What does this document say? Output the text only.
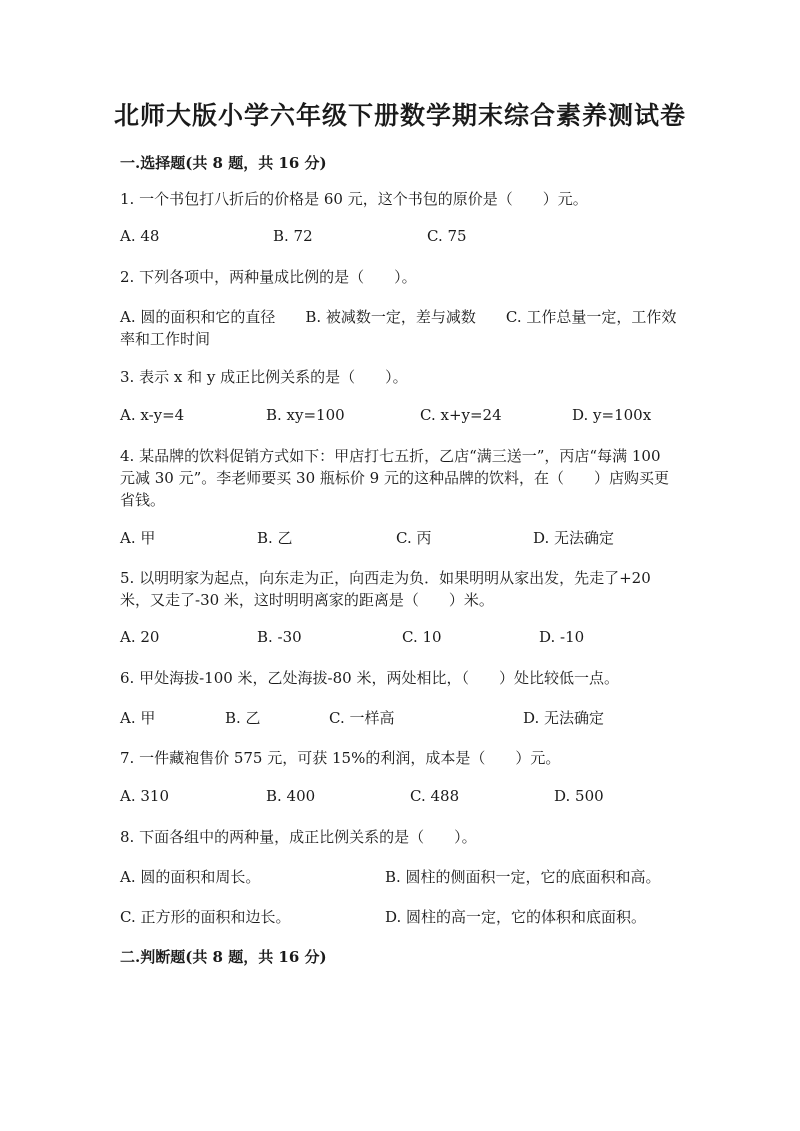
北师大版小学六年级下册数学期末综合素养测试卷
一.选择题(共 8 题，共 16 分)
1. 一个书包打八折后的价格是 60 元，这个书包的原价是（　　）元。
A. 48	B. 72	C. 75
2. 下列各项中，两种量成比例的是（　　）。
A. 圆的面积和它的直径　　B. 被减数一定，差与减数　　C. 工作总量一定，工作效率和工作时间
3. 表示 x 和 y 成正比例关系的是（　　）。
A. x-y=4	B. xy=100	C. x+y=24	D. y=100x
4. 某品牌的饮料促销方式如下：甲店打七五折，乙店“满三送一”，丙店“每满 100 元减 30 元”。李老师要买 30 瓶标价 9 元的这种品牌的饮料，在（　　）店购买更省钱。
A. 甲	B. 乙	C. 丙	D. 无法确定
5. 以明明家为起点，向东走为正，向西走为负．如果明明从家出发，先走了+20 米，又走了-30 米，这时明明离家的距离是（　　）米。
A. 20	B. -30	C. 10	D. -10
6. 甲处海拔-100 米，乙处海拔-80 米，两处相比，（　　）处比较低一点。
A. 甲	B. 乙	C. 一样高	D. 无法确定
7. 一件藏袍售价 575 元，可获 15%的利润，成本是（　　）元。
A. 310	B. 400	C. 488	D. 500
8. 下面各组中的两种量，成正比例关系的是（　　）。
A. 圆的面积和周长。	B. 圆柱的侧面积一定，它的底面积和高。
C. 正方形的面积和边长。	D. 圆柱的高一定，它的体积和底面积。
二.判断题(共 8 题，共 16 分)
